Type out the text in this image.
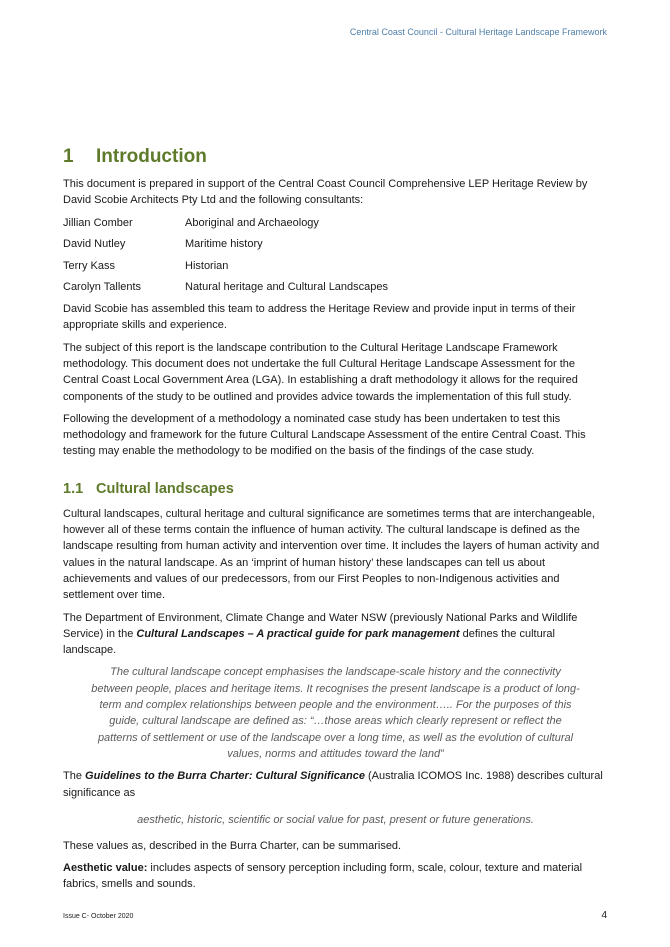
Central Coast Council - Cultural Heritage Landscape Framework
1 Introduction

This document is prepared in support of the Central Coast Council Comprehensive LEP Heritage Review by David Scobie Architects Pty Ltd and the following consultants:

Jillian Comber	Aboriginal and Archaeology
David Nutley	Maritime history
Terry Kass	Historian
Carolyn Tallents	Natural heritage and Cultural Landscapes

David Scobie has assembled this team to address the Heritage Review and provide input in terms of their appropriate skills and experience.

The subject of this report is the landscape contribution to the Cultural Heritage Landscape Framework methodology. This document does not undertake the full Cultural Heritage Landscape Assessment for the Central Coast Local Government Area (LGA). In establishing a draft methodology it allows for the required components of the study to be outlined and provides advice towards the implementation of this full study.

Following the development of a methodology a nominated case study has been undertaken to test this methodology and framework for the future Cultural Landscape Assessment of the entire Central Coast. This testing may enable the methodology to be modified on the basis of the findings of the case study.

1.1 Cultural landscapes

Cultural landscapes, cultural heritage and cultural significance are sometimes terms that are interchangeable, however all of these terms contain the influence of human activity. The cultural landscape is defined as the landscape resulting from human activity and intervention over time. It includes the layers of human activity and values in the natural landscape. As an ‘imprint of human history’ these landscapes can tell us about achievements and values of our predecessors, from our First Peoples to non-Indigenous activities and settlement over time.

The Department of Environment, Climate Change and Water NSW (previously National Parks and Wildlife Service) in the Cultural Landscapes – A practical guide for park management defines the cultural landscape.

The cultural landscape concept emphasises the landscape-scale history and the connectivity between people, places and heritage items. It recognises the present landscape is a product of long-term and complex relationships between people and the environment….. For the purposes of this guide, cultural landscape are defined as: “…those areas which clearly represent or reflect the patterns of settlement or use of the landscape over a long time, as well as the evolution of cultural values, norms and attitudes toward the land”

The Guidelines to the Burra Charter: Cultural Significance (Australia ICOMOS Inc. 1988) describes cultural significance as

aesthetic, historic, scientific or social value for past, present or future generations.

These values as, described in the Burra Charter, can be summarised.

Aesthetic value: includes aspects of sensory perception including form, scale, colour, texture and material fabrics, smells and sounds.

Issue C- October 2020	4
